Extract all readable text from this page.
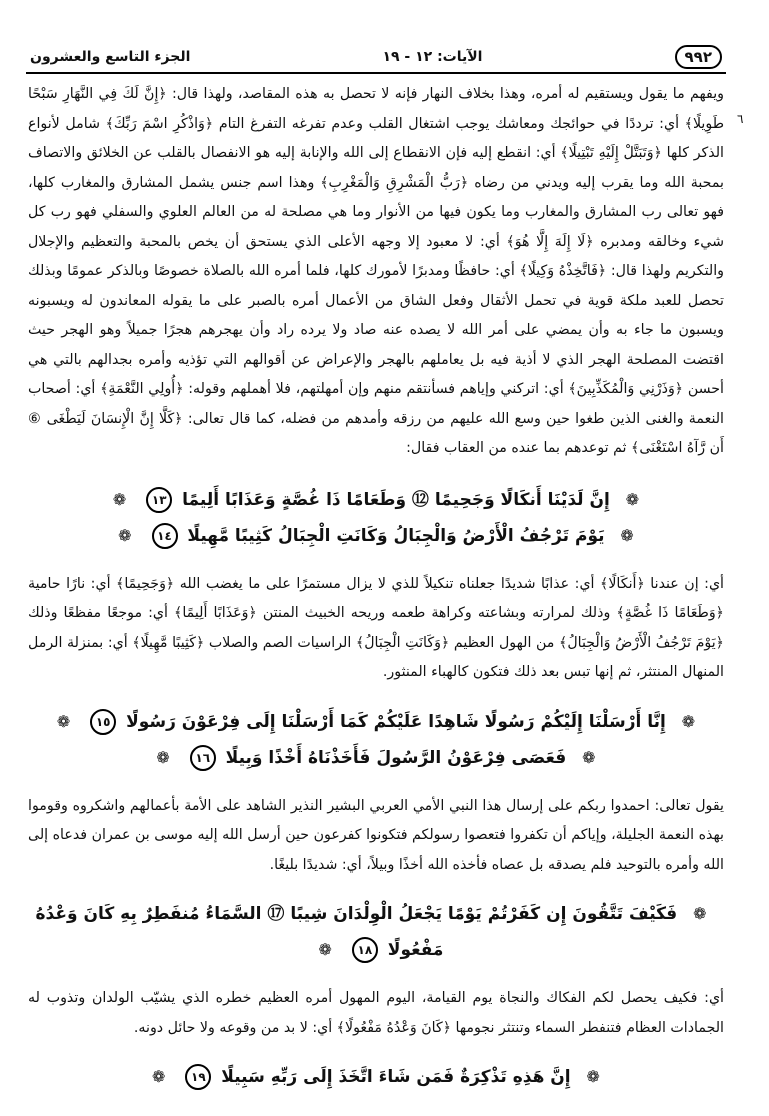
٩٩٢
الآيات: ١٢ - ١٩
الجزء التاسع والعشرون
٦

ويفهم ما يقول ويستقيم له أمره، وهذا بخلاف النهار فإنه لا تحصل به هذه المقاصد، ولهذا قال: ﴿إِنَّ لَكَ فِي النَّهَارِ سَبْحًا طَوِيلًا﴾ أي: ترددًا في حوائجك ومعاشك يوجب اشتغال القلب وعدم تفرغه التفرغ التام ﴿وَاذْكُرِ اسْمَ رَبِّكَ﴾ شامل لأنواع الذكر كلها ﴿وَتَبَتَّلْ إِلَيْهِ تَبْتِيلًا﴾ أي: انقطع إليه فإن الانقطاع إلى الله والإنابة إليه هو الانفصال بالقلب عن الخلائق والاتصاف بمحبة الله وما يقرب إليه ويدني من رضاه ﴿رَبُّ الْمَشْرِقِ وَالْمَغْرِبِ﴾ وهذا اسم جنس يشمل المشارق والمغارب كلها، فهو تعالى رب المشارق والمغارب وما يكون فيها من الأنوار وما هي مصلحة له من العالم العلوي والسفلي فهو رب كل شيء وخالقه ومدبره ﴿لَا إِلَهَ إِلَّا هُوَ﴾ أي: لا معبود إلا وجهه الأعلى الذي يستحق أن يخص بالمحبة والتعظيم والإجلال والتكريم ولهذا قال: ﴿فَاتَّخِذْهُ وَكِيلًا﴾ أي: حافظًا ومدبرًا لأمورك كلها، فلما أمره الله بالصلاة خصوصًا وبالذكر عمومًا وبذلك تحصل للعبد ملكة قوية في تحمل الأثقال وفعل الشاق من الأعمال أمره بالصبر على ما يقوله المعاندون له ويسبونه ويسبون ما جاء به وأن يمضي على أمر الله لا يصده عنه صاد ولا يرده راد وأن يهجرهم هجرًا جميلاً وهو الهجر حيث اقتضت المصلحة الهجر الذي لا أذية فيه بل يعاملهم بالهجر والإعراض عن أقوالهم التي تؤذيه وأمره بجدالهم بالتي هي أحسن ﴿وَذَرْنِي وَالْمُكَذِّبِينَ﴾ أي: اتركني وإياهم فسأنتقم منهم وإن أمهلتهم، فلا أهملهم وقوله: ﴿أُولِي النَّعْمَةِ﴾ أي: أصحاب النعمة والغنى الذين طغوا حين وسع الله عليهم من رزقه وأمدهم من فضله، كما قال تعالى: ﴿كَلَّا إِنَّ الْإِنسَانَ لَيَطْغَى ⑥ أَن رَّآهُ اسْتَغْنَى﴾ ثم توعدهم بما عنده من العقاب فقال:

❁ إِنَّ لَدَيْنَا أَنكَالًا وَجَحِيمًا ⑫ وَطَعَامًا ذَا غُصَّةٍ وَعَذَابًا أَلِيمًا ١٣ ❁
❁ يَوْمَ تَرْجُفُ الْأَرْضُ وَالْجِبَالُ وَكَانَتِ الْجِبَالُ كَثِيبًا مَّهِيلًا ١٤ ❁

أي: إن عندنا ﴿أَنكَالًا﴾ أي: عذابًا شديدًا جعلناه تنكيلاً للذي لا يزال مستمرًا على ما يغضب الله ﴿وَجَحِيمًا﴾ أي: نارًا حامية ﴿وَطَعَامًا ذَا غُصَّةٍ﴾ وذلك لمرارته وبشاعته وكراهة طعمه وريحه الخبيث المنتن ﴿وَعَذَابًا أَلِيمًا﴾ أي: موجعًا مفظعًا وذلك ﴿يَوْمَ تَرْجُفُ الْأَرْضُ وَالْجِبَالُ﴾ من الهول العظيم ﴿وَكَانَتِ الْجِبَالُ﴾ الراسيات الصم والصلاب ﴿كَثِيبًا مَّهِيلًا﴾ أي: بمنزلة الرمل المنهال المنتثر، ثم إنها تبس بعد ذلك فتكون كالهباء المنثور.

❁ إِنَّا أَرْسَلْنَا إِلَيْكُمْ رَسُولًا شَاهِدًا عَلَيْكُمْ كَمَا أَرْسَلْنَا إِلَى فِرْعَوْنَ رَسُولًا ١٥ ❁
❁ فَعَصَى فِرْعَوْنُ الرَّسُولَ فَأَخَذْنَاهُ أَخْذًا وَبِيلًا ١٦ ❁

يقول تعالى: احمدوا ربكم على إرسال هذا النبي الأمي العربي البشير النذير الشاهد على الأمة بأعمالهم واشكروه وقوموا بهذه النعمة الجليلة، وإياكم أن تكفروا فتعصوا رسولكم فتكونوا كفرعون حين أرسل الله إليه موسى بن عمران فدعاه إلى الله وأمره بالتوحيد فلم يصدقه بل عصاه فأخذه الله أخذًا وبيلاً، أي: شديدًا بليغًا.

❁ فَكَيْفَ تَتَّقُونَ إِن كَفَرْتُمْ يَوْمًا يَجْعَلُ الْوِلْدَانَ شِيبًا ⑰ السَّمَاءُ مُنفَطِرٌ بِهِ كَانَ وَعْدُهُ مَفْعُولًا ١٨ ❁

أي: فكيف يحصل لكم الفكاك والنجاة يوم القيامة، اليوم المهول أمره العظيم خطره الذي يشيّب الولدان وتذوب له الجمادات العظام فتنفطر السماء وتنتثر نجومها ﴿كَانَ وَعْدُهُ مَفْعُولًا﴾ أي: لا بد من وقوعه ولا حائل دونه.

❁ إِنَّ هَذِهِ تَذْكِرَةٌ فَمَن شَاءَ اتَّخَذَ إِلَى رَبِّهِ سَبِيلًا ١٩ ❁
